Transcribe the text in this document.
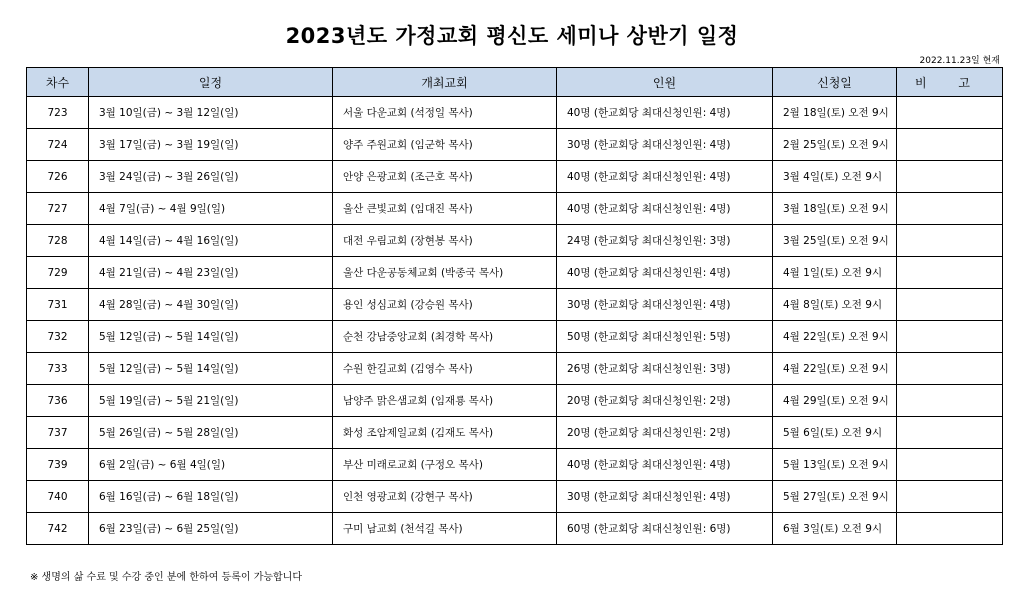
2023년도 가정교회 평신도 세미나 상반기 일정
2022.11.23일 현재
차수	일정	개최교회	인원	신청일	비 고
723	3월 10일(금) ~ 3월 12일(일)	서울 다운교회 (석정일 목사)	40명 (한교회당 최대신청인원: 4명)	2월 18일(토) 오전 9시	
724	3월 17일(금) ~ 3월 19일(일)	양주 주원교회 (임군학 목사)	30명 (한교회당 최대신청인원: 4명)	2월 25일(토) 오전 9시	
726	3월 24일(금) ~ 3월 26일(일)	안양 은광교회 (조근호 목사)	40명 (한교회당 최대신청인원: 4명)	3월 4일(토) 오전 9시	
727	4월 7일(금) ~ 4월 9일(일)	울산 큰빛교회 (임대진 목사)	40명 (한교회당 최대신청인원: 4명)	3월 18일(토) 오전 9시	
728	4월 14일(금) ~ 4월 16일(일)	대전 우림교회 (장현봉 목사)	24명 (한교회당 최대신청인원: 3명)	3월 25일(토) 오전 9시	
729	4월 21일(금) ~ 4월 23일(일)	울산 다운공동체교회 (박종국 목사)	40명 (한교회당 최대신청인원: 4명)	4월 1일(토) 오전 9시	
731	4월 28일(금) ~ 4월 30일(일)	용인 성심교회 (강승원 목사)	30명 (한교회당 최대신청인원: 4명)	4월 8일(토) 오전 9시	
732	5월 12일(금) ~ 5월 14일(일)	순천 강남중앙교회 (최경학 목사)	50명 (한교회당 최대신청인원: 5명)	4월 22일(토) 오전 9시	
733	5월 12일(금) ~ 5월 14일(일)	수원 한길교회 (김영수 목사)	26명 (한교회당 최대신청인원: 3명)	4월 22일(토) 오전 9시	
736	5월 19일(금) ~ 5월 21일(일)	남양주 맑은샘교회 (임재룡 목사)	20명 (한교회당 최대신청인원: 2명)	4월 29일(토) 오전 9시	
737	5월 26일(금) ~ 5월 28일(일)	화성 조암제일교회 (김재도 목사)	20명 (한교회당 최대신청인원: 2명)	5월 6일(토) 오전 9시	
739	6월 2일(금) ~ 6월 4일(일)	부산 미래로교회 (구정오 목사)	40명 (한교회당 최대신청인원: 4명)	5월 13일(토) 오전 9시	
740	6월 16일(금) ~ 6월 18일(일)	인천 영광교회 (강현구 목사)	30명 (한교회당 최대신청인원: 4명)	5월 27일(토) 오전 9시	
742	6월 23일(금) ~ 6월 25일(일)	구미 남교회 (천석길 목사)	60명 (한교회당 최대신청인원: 6명)	6월 3일(토) 오전 9시	
※ 생명의 삶 수료 및 수강 중인 분에 한하여 등록이 가능합니다
